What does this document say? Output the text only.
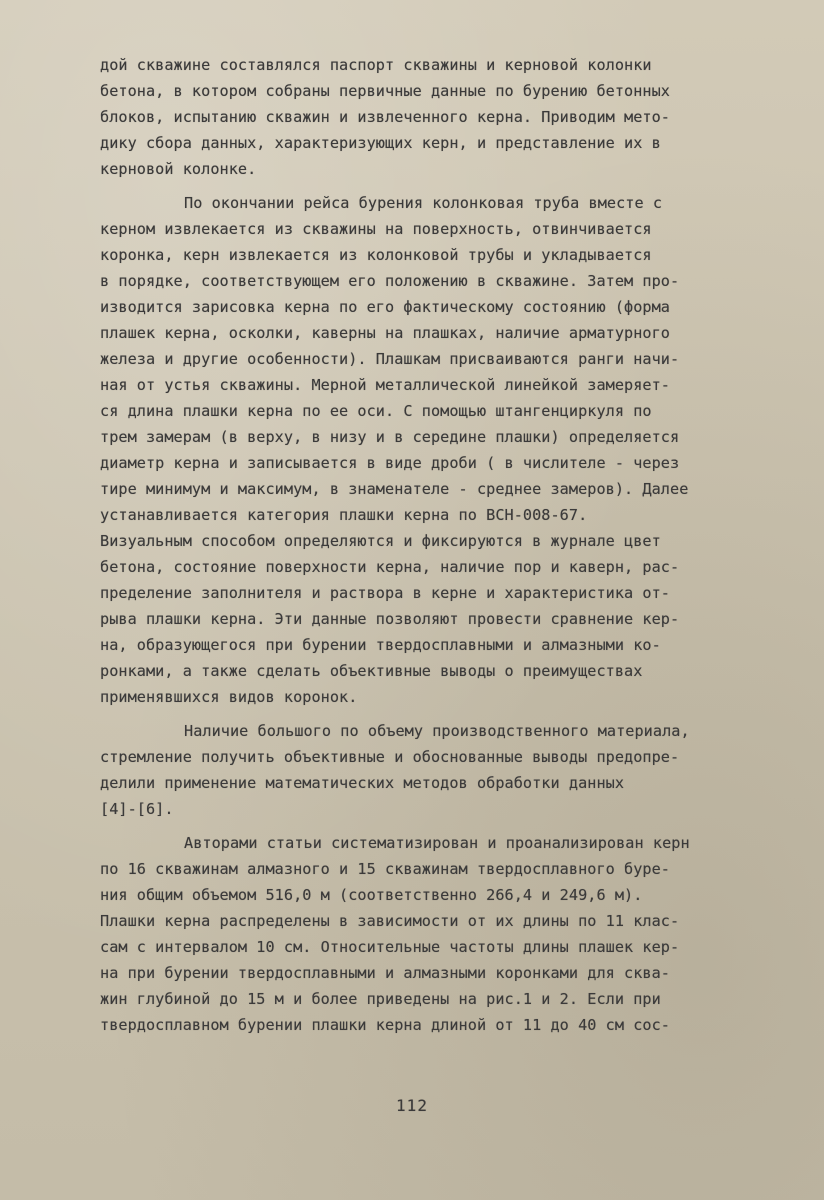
дой скважине составлялся паспорт скважины и керновой колонки
бетона, в котором собраны первичные данные по бурению бетонных
блоков, испытанию скважин и извлеченного керна. Приводим мето-
дику сбора данных, характеризующих керн, и представление их в
керновой колонке.
По окончании рейса бурения колонковая труба вместе с
керном извлекается из скважины на поверхность, отвинчивается
коронка, керн извлекается из колонковой трубы и укладывается
в порядке, соответствующем его положению в скважине. Затем про-
изводится зарисовка керна по его фактическому состоянию (форма
плашек керна, осколки, каверны на плашках, наличие арматурного
железа и другие особенности). Плашкам присваиваются ранги начи-
ная от устья скважины. Мерной металлической линейкой замеряет-
ся длина плашки керна по ее оси. С помощью штангенциркуля по
трем замерам (в верху, в низу и в середине плашки) определяется
диаметр керна и записывается в виде дроби ( в числителе - через
тире минимум и максимум, в знаменателе - среднее замеров). Далее
устанавливается категория плашки керна по ВСН-008-67.
Визуальным способом определяются и фиксируются в журнале цвет
бетона, состояние поверхности керна, наличие пор и каверн, рас-
пределение заполнителя и раствора в керне и характеристика от-
рыва плашки керна. Эти данные позволяют провести сравнение кер-
на, образующегося при бурении твердосплавными и алмазными ко-
ронками, а также сделать объективные выводы о преимуществах
применявшихся видов коронок.
Наличие большого по объему производственного материала,
стремление получить объективные и обоснованные выводы предопре-
делили применение математических методов обработки данных
[4]-[6].
Авторами статьи систематизирован и проанализирован керн
по 16 скважинам алмазного и 15 скважинам твердосплавного буре-
ния общим объемом 516,0 м (соответственно 266,4 и 249,6 м).
Плашки керна распределены в зависимости от их длины по 11 клас-
сам с интервалом 10 см. Относительные частоты длины плашек кер-
на при бурении твердосплавными и алмазными коронками для сква-
жин глубиной до 15 м и более приведены на рис.1 и 2. Если при
твердосплавном бурении плашки керна длиной от 11 до 40 см сос-
112
